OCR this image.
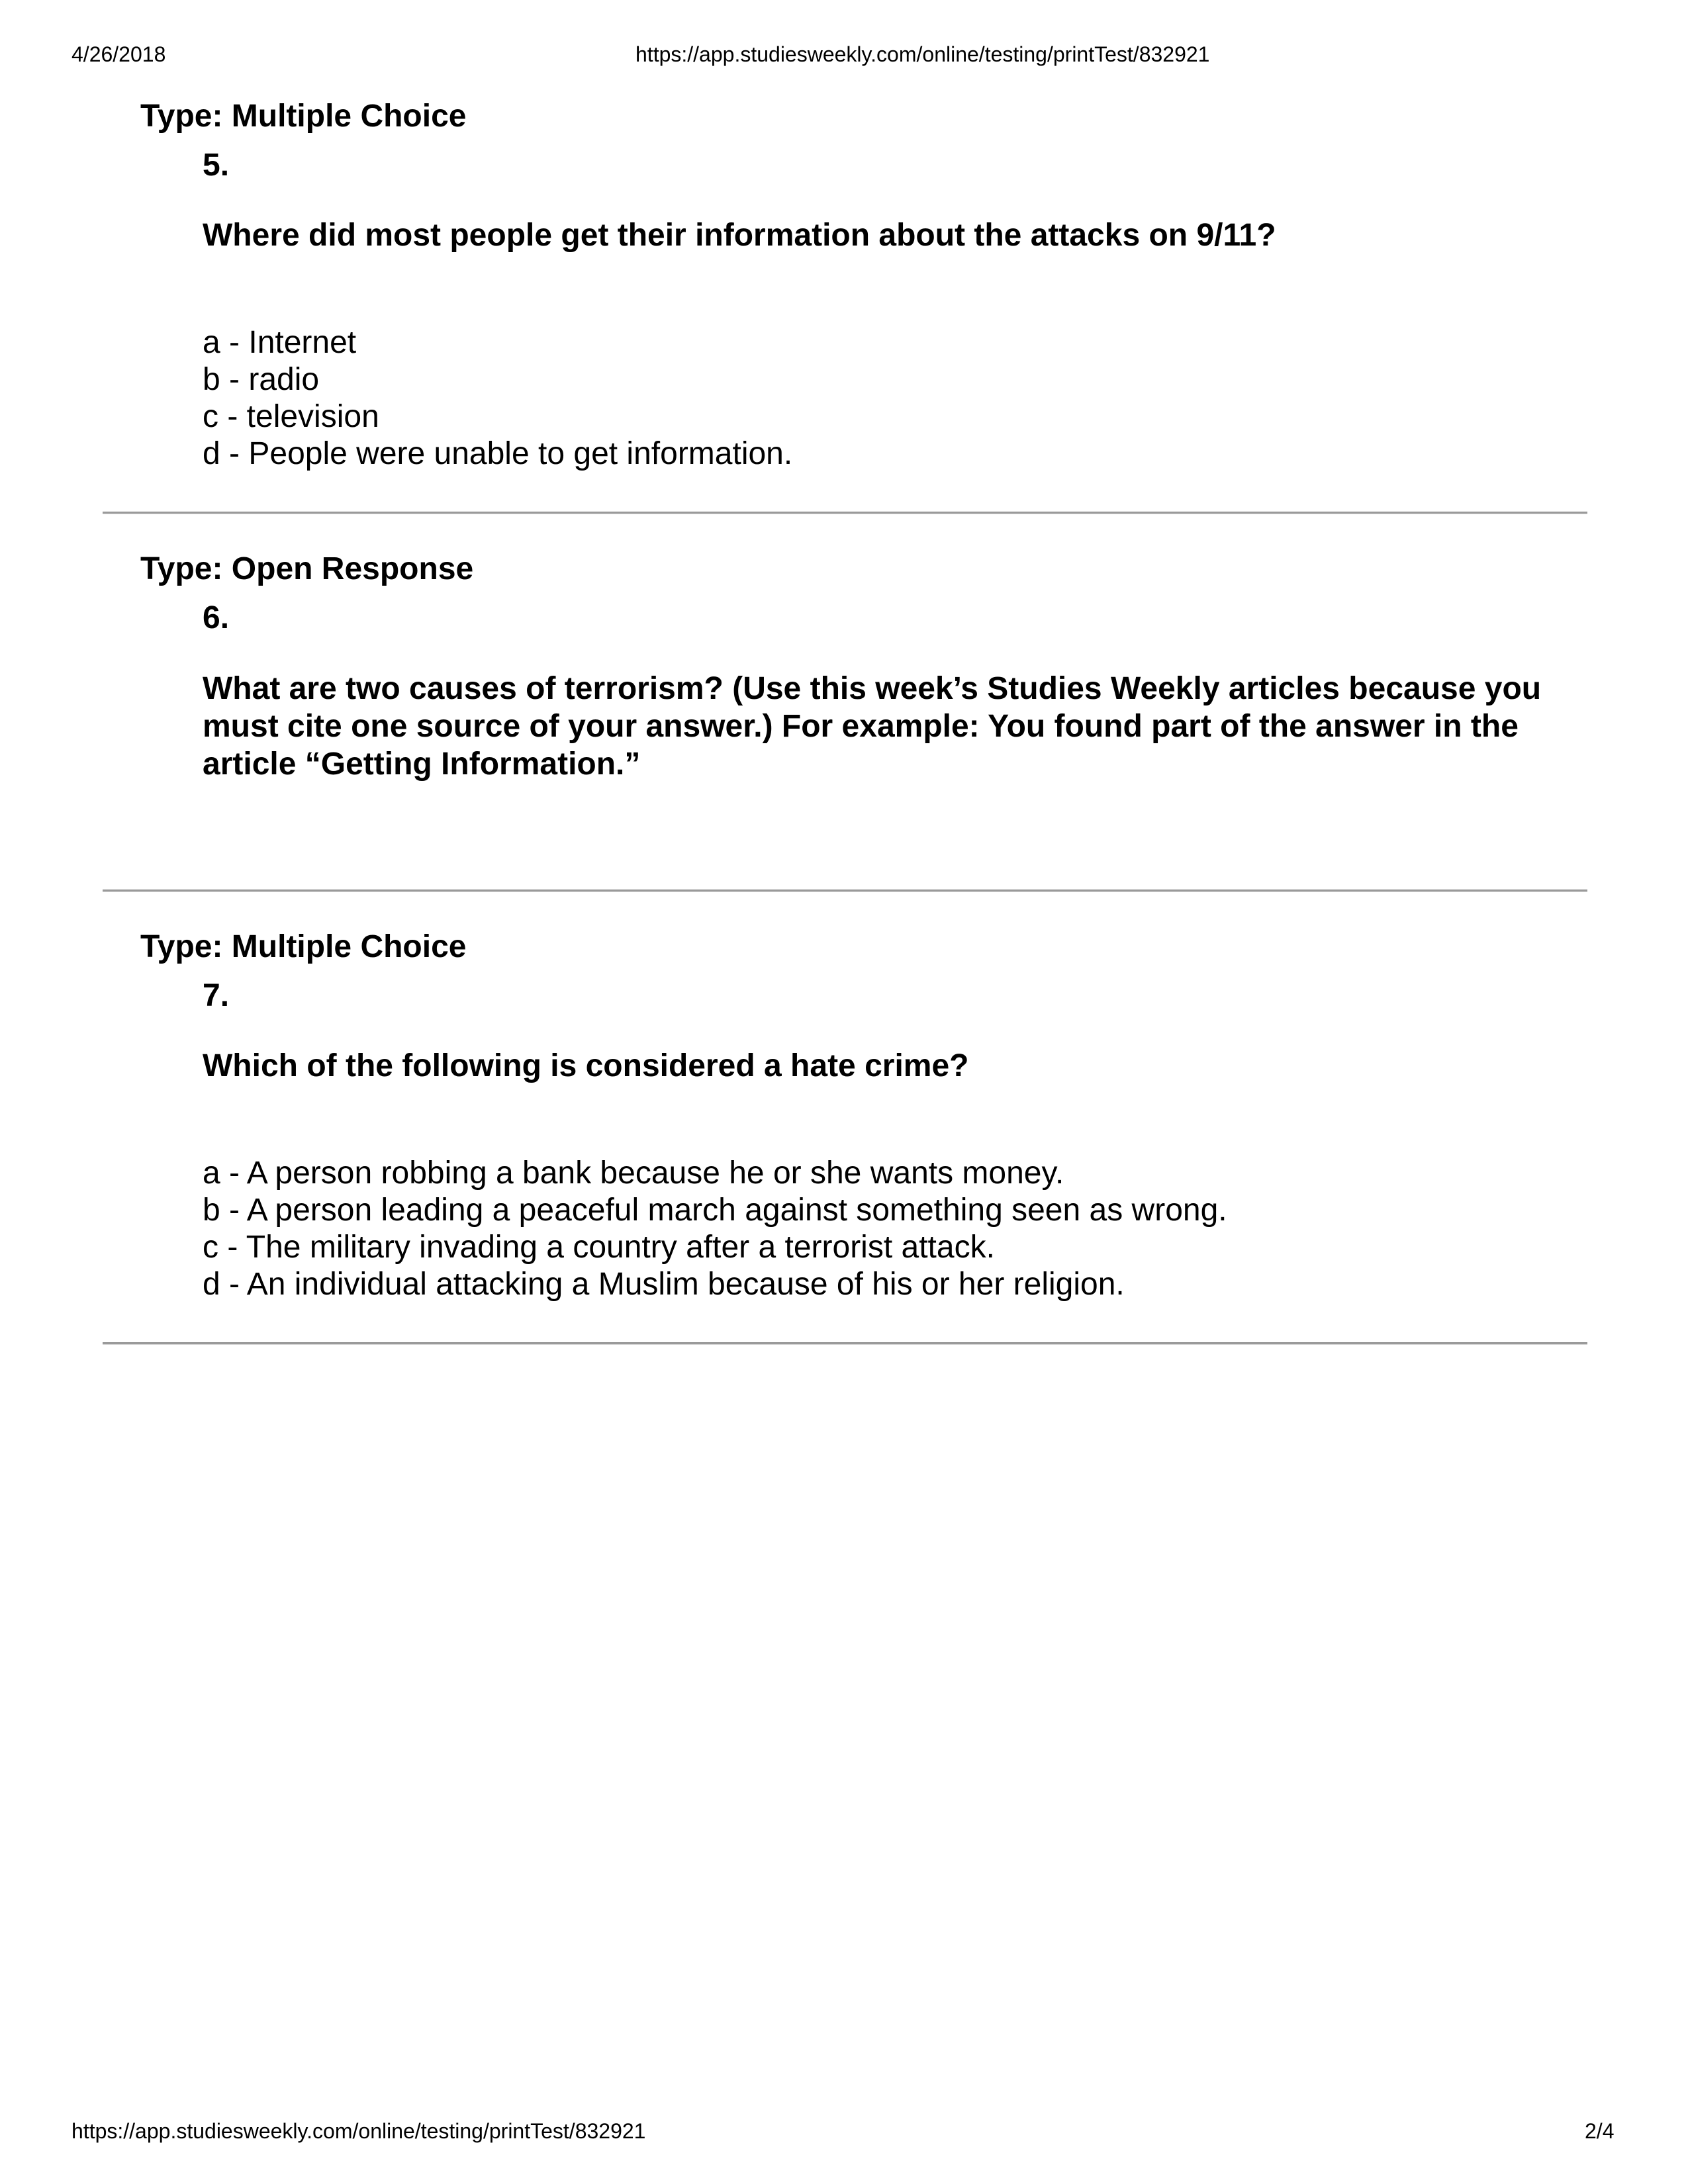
4/26/2018	https://app.studiesweekly.com/online/testing/printTest/832921
Type: Multiple Choice
5.
Where did most people get their information about the attacks on 9/11?
a - Internet
b - radio
c - television
d - People were unable to get information.
Type: Open Response
6.
What are two causes of terrorism? (Use this week’s Studies Weekly articles because you must cite one source of your answer.) For example: You found part of the answer in the article “Getting Information.”
Type: Multiple Choice
7.
Which of the following is considered a hate crime?
a - A person robbing a bank because he or she wants money.
b - A person leading a peaceful march against something seen as wrong.
c - The military invading a country after a terrorist attack.
d - An individual attacking a Muslim because of his or her religion.
https://app.studiesweekly.com/online/testing/printTest/832921	2/4
